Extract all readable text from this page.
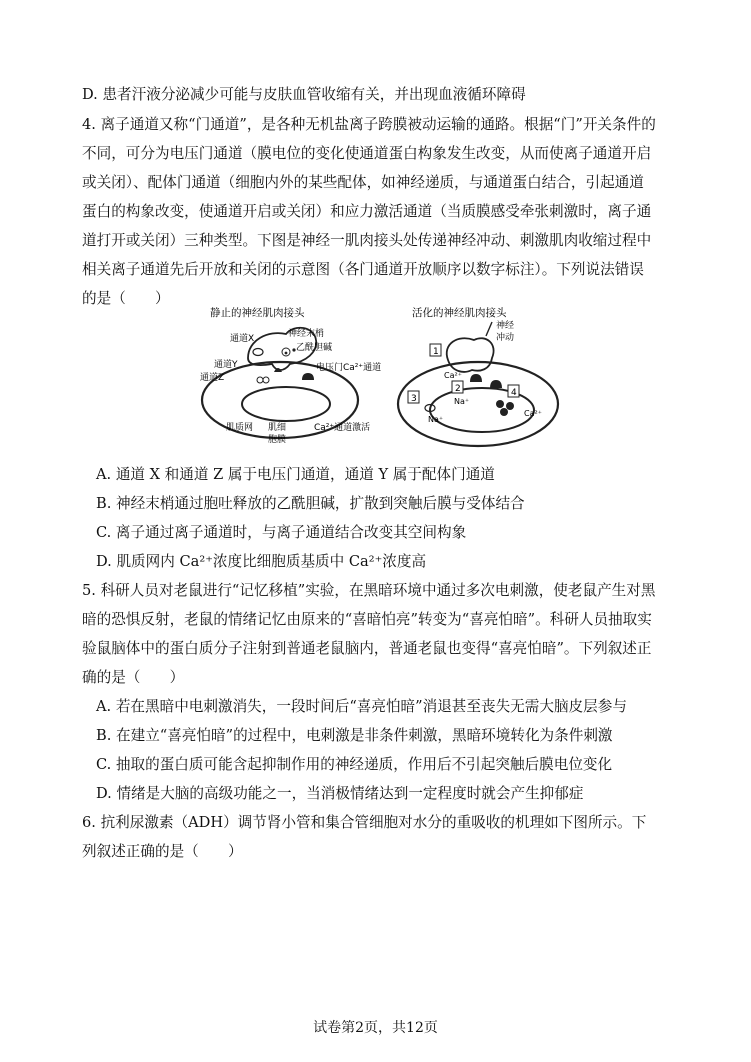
D. 患者汗液分泌减少可能与皮肤血管收缩有关，并出现血液循环障碍
4. 离子通道又称“门通道”，是各种无机盐离子跨膜被动运输的通路。根据“门”开关条件的
不同，可分为电压门通道（膜电位的变化使通道蛋白构象发生改变，从而使离子通道开启
或关闭）、配体门通道（细胞内外的某些配体，如神经递质，与通道蛋白结合，引起通道
蛋白的构象改变，使通道开启或关闭）和应力激活通道（当质膜感受牵张刺激时，离子通
道打开或关闭）三种类型。下图是神经一肌肉接头处传递神经冲动、刺激肌肉收缩过程中
相关离子通道先后开放和关闭的示意图（各门通道开放顺序以数字标注）。下列说法错误
的是（　　）
静止的神经肌肉接头
通道X	神经末梢
乙酰胆碱
通道Y
通道Z
电压门Ca²⁺通道
肌质网 肌细
胞膜
Ca²⁺通道激活
活化的神经肌肉接头
神经
冲动
1
Ca²⁺
2
Na⁺
3
Na⁺
4
Ca²⁺
A. 通道 X 和通道 Z 属于电压门通道，通道 Y 属于配体门通道
B. 神经末梢通过胞吐释放的乙酰胆碱，扩散到突触后膜与受体结合
C. 离子通过离子通道时，与离子通道结合改变其空间构象
D. 肌质网内 Ca²⁺浓度比细胞质基质中 Ca²⁺浓度高
5. 科研人员对老鼠进行“记忆移植”实验，在黑暗环境中通过多次电刺激，使老鼠产生对黑
暗的恐惧反射，老鼠的情绪记忆由原来的“喜暗怕亮”转变为“喜亮怕暗”。科研人员抽取实
验鼠脑体中的蛋白质分子注射到普通老鼠脑内，普通老鼠也变得“喜亮怕暗”。下列叙述正
确的是（　　）
A. 若在黑暗中电刺激消失，一段时间后“喜亮怕暗”消退甚至丧失无需大脑皮层参与
B. 在建立“喜亮怕暗”的过程中，电刺激是非条件刺激，黑暗环境转化为条件刺激
C. 抽取的蛋白质可能含起抑制作用的神经递质，作用后不引起突触后膜电位变化
D. 情绪是大脑的高级功能之一，当消极情绪达到一定程度时就会产生抑郁症
6. 抗利尿激素（ADH）调节肾小管和集合管细胞对水分的重吸收的机理如下图所示。下
列叙述正确的是（　　）
试卷第2页，共12页
